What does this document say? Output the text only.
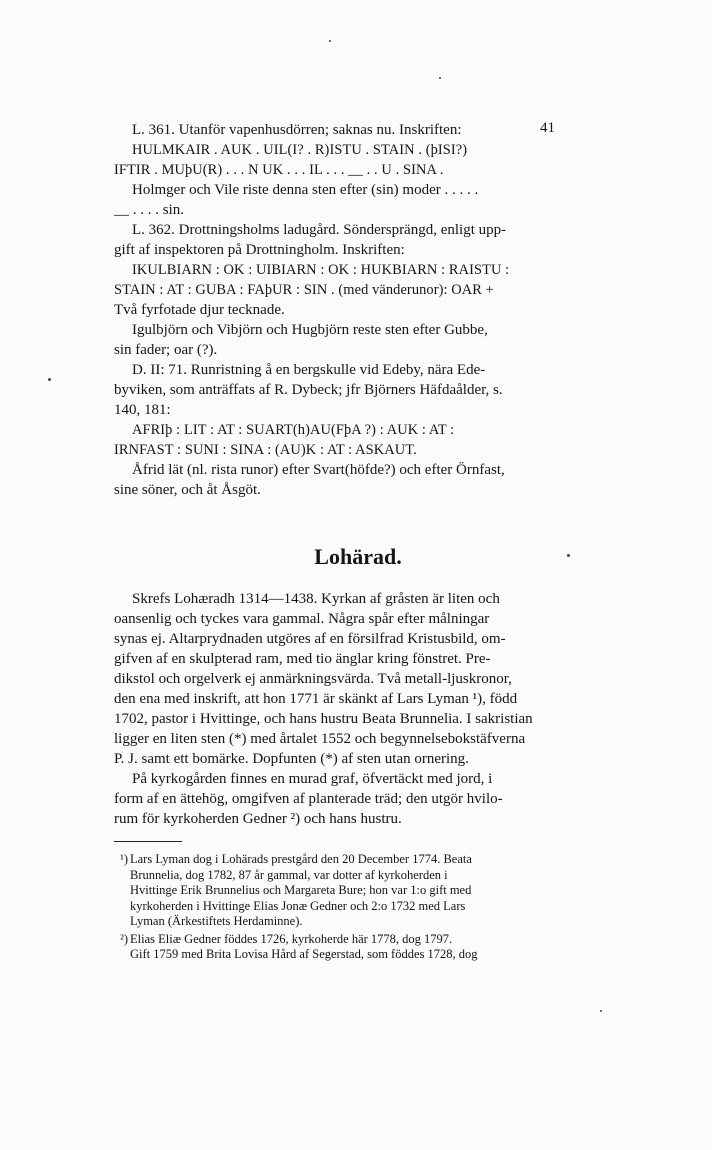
41

L. 361. Utanför vapenhusdörren; saknas nu. Inskriften:

HULMKAIR . AUK . UIL(I? . R)ISTU . STAIN . (þISI?)

IFTIR . MUþU(R) . . . N UK . . . IL . . . __ . . U . SINA .

Holmger och Vile riste denna sten efter (sin) moder . . . . .

__ . . . . sin.

L. 362. Drottningsholms ladugård. Söndersprängd, enligt upp-

gift af inspektoren på Drottningholm. Inskriften:

IKULBIARN : OK : UIBIARN : OK : HUKBIARN : RAISTU :

STAIN : AT : GUBA : FAþUR : SIN . (med vänderunor): OAR +

Två fyrfotade djur tecknade.

Igulbjörn och Vibjörn och Hugbjörn reste sten efter Gubbe,

sin fader; oar (?).

D. II: 71. Runristning å en bergskulle vid Edeby, nära Ede-

byviken, som anträffats af R. Dybeck; jfr Björners Häfdaålder, s.

140, 181:

AFRIþ : LIT : AT : SUART(h)AU(FþA ?) : AUK : AT :

IRNFAST : SUNI : SINA : (AU)K : AT : ASKAUT.

Åfrid lät (nl. rista runor) efter Svart(höfde?) och efter Örnfast,

sine söner, och åt Åsgöt.

Lohärad.

Skrefs Lohæradh 1314—1438. Kyrkan af gråsten är liten och

oansenlig och tyckes vara gammal. Några spår efter målningar

synas ej. Altarprydnaden utgöres af en försilfrad Kristusbild, om-

gifven af en skulpterad ram, med tio änglar kring fönstret. Pre-

dikstol och orgelverk ej anmärkningsvärda. Två metall-ljuskronor,

den ena med inskrift, att hon 1771 är skänkt af Lars Lyman ¹), född

1702, pastor i Hvittinge, och hans hustru Beata Brunnelia. I sakristian

ligger en liten sten (*) med årtalet 1552 och begynnelsebokstäfverna

P. J. samt ett bomärke. Dopfunten (*) af sten utan ornering.

På kyrkogården finnes en murad graf, öfvertäckt med jord, i

form af en ättehög, omgifven af planterade träd; den utgör hvilo-

rum för kyrkoherden Gedner ²) och hans hustru.

¹) Lars Lyman dog i Lohärads prestgård den 20 December 1774. Beata
Brunnelia, dog 1782, 87 år gammal, var dotter af kyrkoherden i
Hvittinge Erik Brunnelius och Margareta Bure; hon var 1:o gift med
kyrkoherden i Hvittinge Elias Jonæ Gedner och 2:o 1732 med Lars
Lyman (Ärkestiftets Herdaminne).
²) Elias Eliæ Gedner föddes 1726, kyrkoherde här 1778, dog 1797.
Gift 1759 med Brita Lovisa Hård af Segerstad, som föddes 1728, dog
